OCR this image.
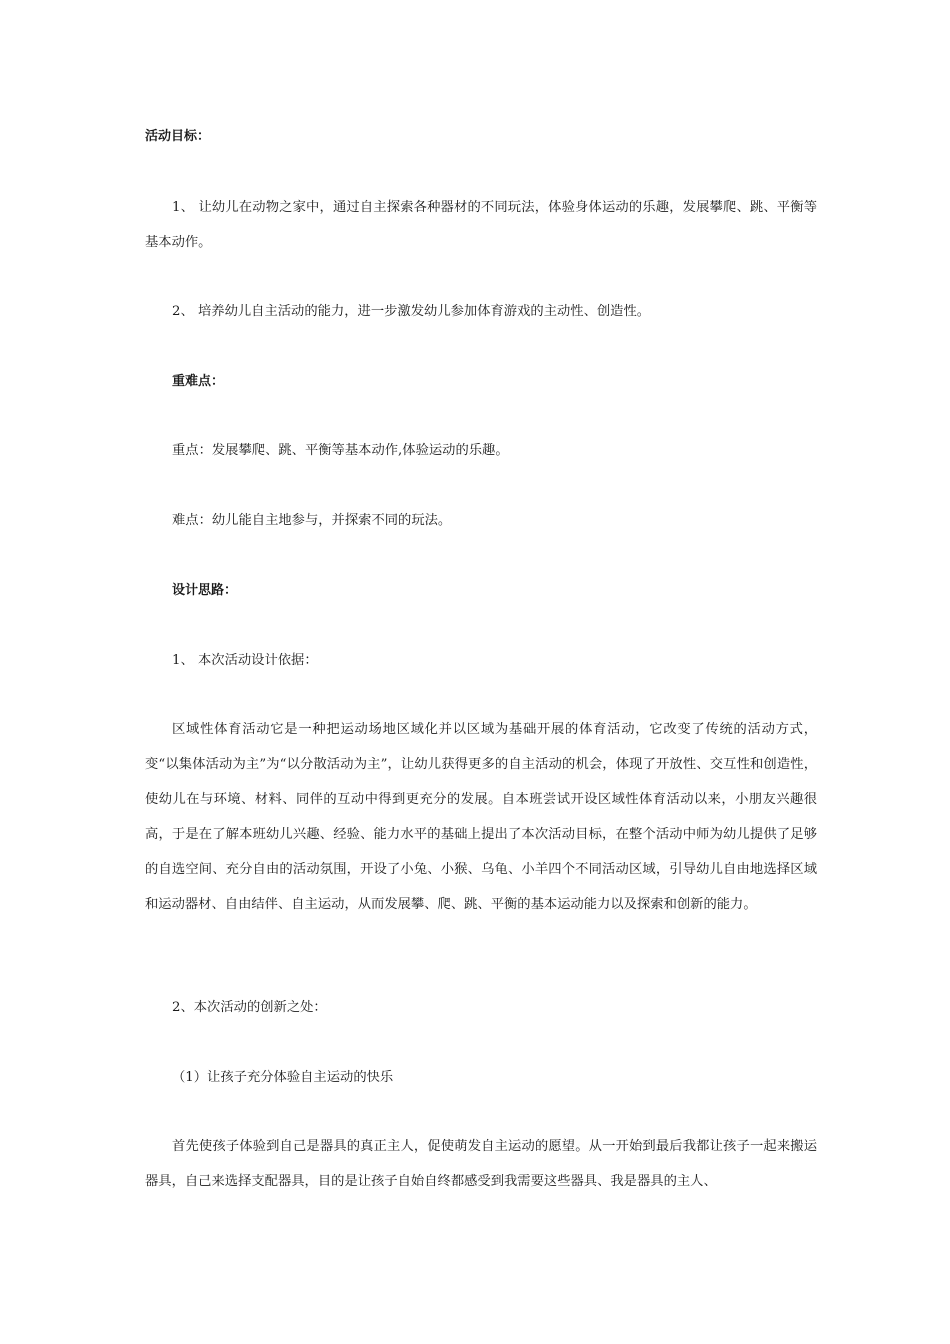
活动目标：

1、 让幼儿在动物之家中，通过自主探索各种器材的不同玩法，体验身体运动的乐趣，发展攀爬、跳、平衡等基本动作。

2、 培养幼儿自主活动的能力，进一步激发幼儿参加体育游戏的主动性、创造性。

重难点：

重点：发展攀爬、跳、平衡等基本动作,体验运动的乐趣。

难点：幼儿能自主地参与，并探索不同的玩法。

设计思路：

1、 本次活动设计依据：

区域性体育活动它是一种把运动场地区域化并以区域为基础开展的体育活动，它改变了传统的活动方式，变“以集体活动为主”为“以分散活动为主”，让幼儿获得更多的自主活动的机会，体现了开放性、交互性和创造性，使幼儿在与环境、材料、同伴的互动中得到更充分的发展。自本班尝试开设区域性体育活动以来，小朋友兴趣很高，于是在了解本班幼儿兴趣、经验、能力水平的基础上提出了本次活动目标，在整个活动中师为幼儿提供了足够的自选空间、充分自由的活动氛围，开设了小兔、小猴、乌龟、小羊四个不同活动区域，引导幼儿自由地选择区域和运动器材、自由结伴、自主运动，从而发展攀、爬、跳、平衡的基本运动能力以及探索和创新的能力。

2、本次活动的创新之处：

（1）让孩子充分体验自主运动的快乐

首先使孩子体验到自己是器具的真正主人，促使萌发自主运动的愿望。从一开始到最后我都让孩子一起来搬运器具，自己来选择支配器具，目的是让孩子自始自终都感受到我需要这些器具、我是器具的主人、
